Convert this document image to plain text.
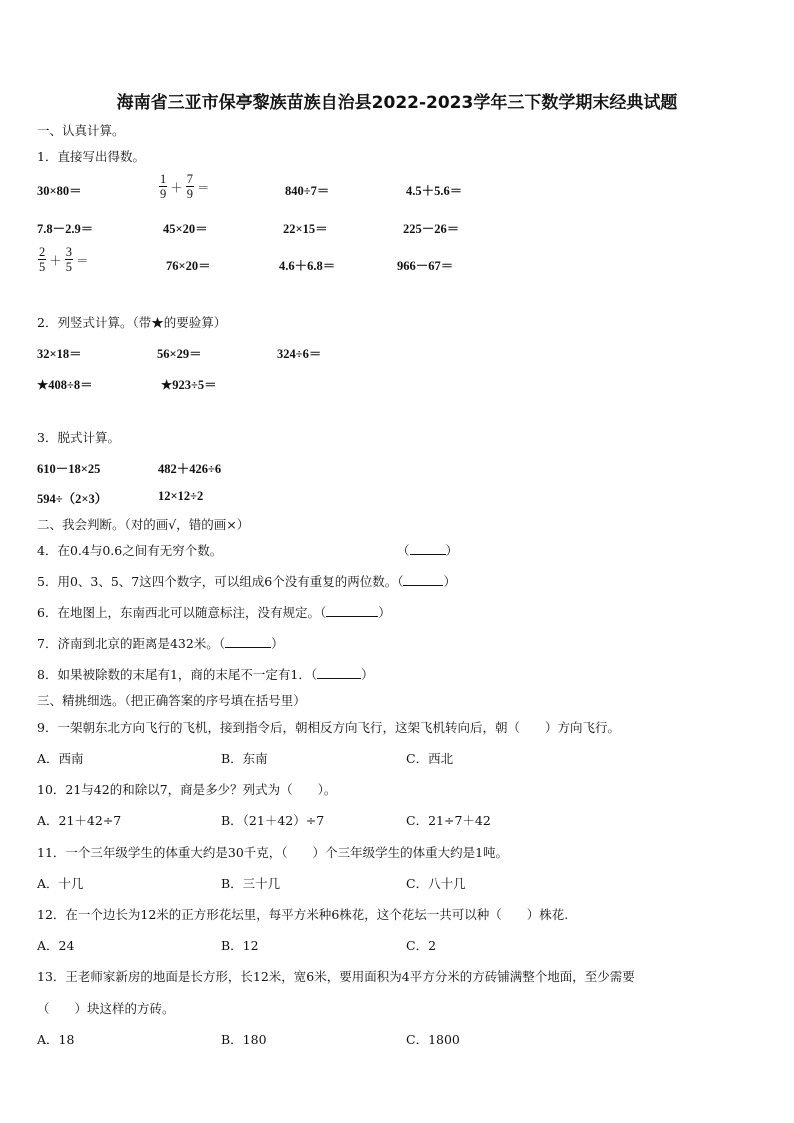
海南省三亚市保亭黎族苗族自治县2022-2023学年三下数学期末经典试题
一、认真计算。
1．直接写出得数。
30×80＝	$\frac{1}{9} + \frac{7}{9}$ ＝	840÷7＝	4.5＋5.6＝
7.8－2.9＝	45×20＝	22×15＝	225－26＝
$\frac{2}{5} + \frac{3}{5}$ ＝	76×20＝	4.6＋6.8＝	966－67＝
2．列竖式计算。（带★的要验算）
32×18＝	56×29＝	324÷6＝
★408÷8＝	★923÷5＝
3．脱式计算。
610－18×25	482＋426÷6
594÷（2×3）	12×12÷2
二、我会判断。（对的画√，错的画×）
4．在0.4与0.6之间有无穷个数。	（	）
5．用0、3、5、7这四个数字，可以组成6个没有重复的两位数。（	）
6．在地图上，东南西北可以随意标注，没有规定。（	）
7．济南到北京的距离是432米。（	）
8．如果被除数的末尾有1，商的末尾不一定有1．（	）
三、精挑细选。（把正确答案的序号填在括号里）
9．一架朝东北方向飞行的飞机，接到指令后，朝相反方向飞行，这架飞机转向后，朝（　　）方向飞行。
A．西南	B．东南	C．西北
10．21与42的和除以7，商是多少？列式为（　　）。
A．21＋42÷7	B．（21＋42）÷7	C．21÷7＋42
11．一个三年级学生的体重大约是30千克，（　　）个三年级学生的体重大约是1吨。
A．十几	B．三十几	C．八十几
12．在一个边长为12米的正方形花坛里，每平方米种6株花，这个花坛一共可以种（　　）株花.
A．24	B．12	C．2
13．王老师家新房的地面是长方形，长12米，宽6米，要用面积为4平方分米的方砖铺满整个地面，至少需要
（　　）块这样的方砖。
A．18	B．180	C．1800
